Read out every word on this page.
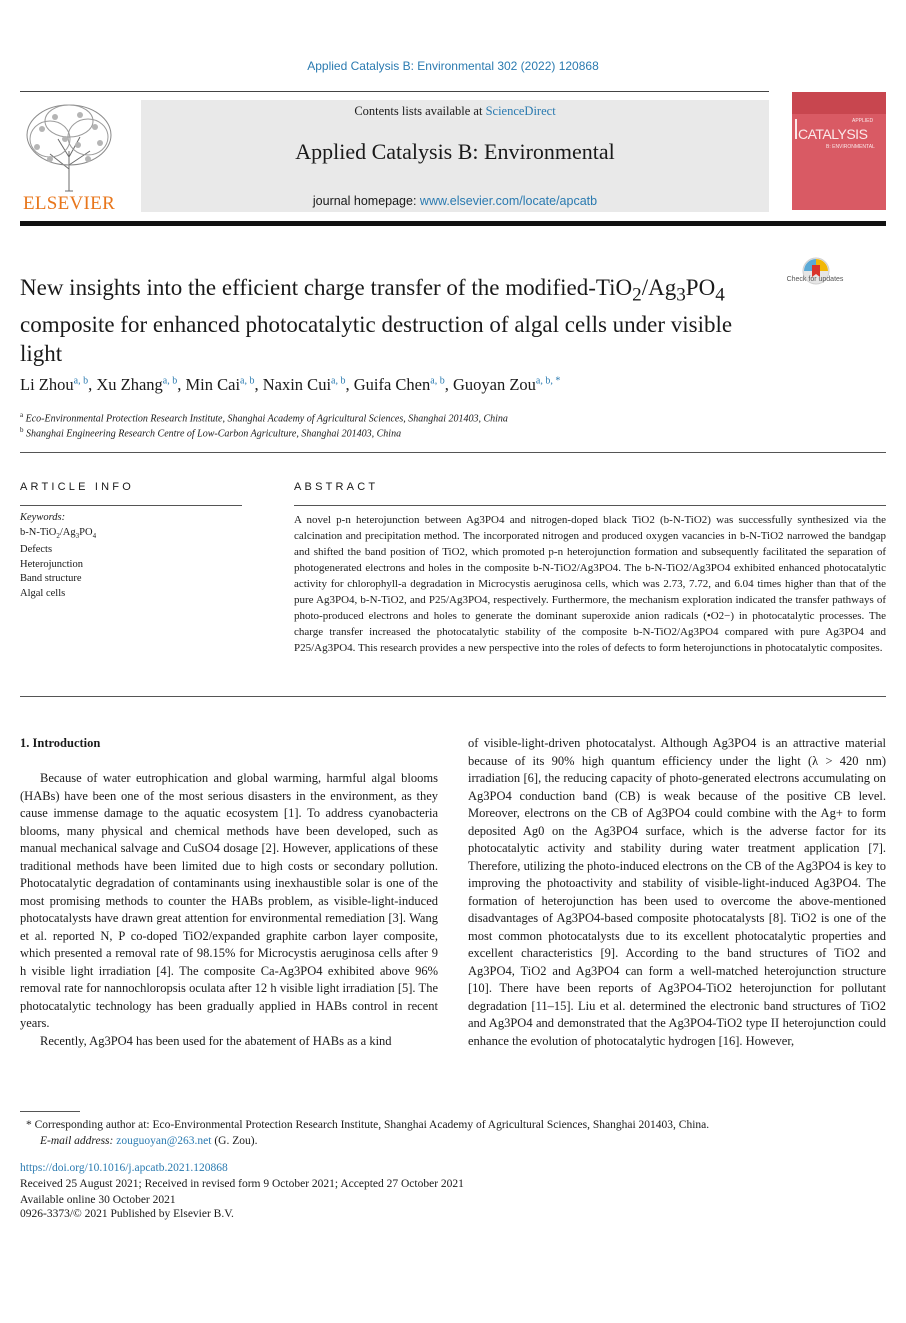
Applied Catalysis B: Environmental 302 (2022) 120868
ELSEVIER
Contents lists available at ScienceDirect
Applied Catalysis B: Environmental
journal homepage: www.elsevier.com/locate/apcatb
APPLIED
CATALYSIS
B: ENVIRONMENTAL
Check for updates
New insights into the efficient charge transfer of the modified-$TiO_2/Ag_3PO_4$ composite for enhanced photocatalytic destruction of algal cells under visible light
Li Zhou$^{a, b}$, Xu Zhang$^{a, b}$, Min Cai$^{a, b}$, Naxin Cui$^{a, b}$, Guifa Chen$^{a, b}$, Guoyan Zou$^{a, b, *}$
$^a$ Eco-Environmental Protection Research Institute, Shanghai Academy of Agricultural Sciences, Shanghai 201403, China
$^b$ Shanghai Engineering Research Centre of Low-Carbon Agriculture, Shanghai 201403, China
ARTICLE INFO
Keywords:
$b-N-TiO_2/Ag_3PO_4$
Defects
Heterojunction
Band structure
Algal cells
ABSTRACT
A novel p-n heterojunction between Ag3PO4 and nitrogen-doped black TiO2 (b-N-TiO2) was successfully synthesized via the calcination and precipitation method. The incorporated nitrogen and produced oxygen vacancies in b-N-TiO2 narrowed the bandgap and shifted the band position of TiO2, which promoted p-n heterojunction formation and subsequently facilitated the separation of photogenerated electrons and holes in the composite b-N-TiO2/Ag3PO4. The b-N-TiO2/Ag3PO4 exhibited enhanced photocatalytic activity for chlorophyll-a degradation in Microcystis aeruginosa cells, which was 2.73, 7.72, and 6.04 times higher than that of the pure Ag3PO4, b-N-TiO2, and P25/Ag3PO4, respectively. Furthermore, the mechanism exploration indicated the transfer pathways of photo-produced electrons and holes to generate the dominant superoxide anion radicals (•O2−) in photocatalytic processes. The charge transfer increased the photocatalytic stability of the composite b-N-TiO2/Ag3PO4 compared with pure Ag3PO4 and P25/Ag3PO4. This research provides a new perspective into the roles of defects to form heterojunctions in photocatalytic composites.
1. Introduction

Because of water eutrophication and global warming, harmful algal blooms (HABs) have been one of the most serious disasters in the environment, as they cause immense damage to the aquatic ecosystem [1]. To address cyanobacteria blooms, many physical and chemical methods have been developed, such as manual mechanical salvage and CuSO4 dosage [2]. However, applications of these traditional methods have been limited due to high costs or secondary pollution. Photocatalytic degradation of contaminants using inexhaustible solar is one of the most promising methods to counter the HABs problem, as visible-light-induced photocatalysts have drawn great attention for environmental remediation [3]. Wang et al. reported N, P co-doped TiO2/expanded graphite carbon layer composite, which presented a removal rate of 98.15% for Microcystis aeruginosa cells after 9 h visible light irradiation [4]. The composite Ca-Ag3PO4 exhibited above 96% removal rate for nannochloropsis oculata after 12 h visible light irradiation [5]. The photocatalytic technology has been gradually applied in HABs control in recent years.

Recently, Ag3PO4 has been used for the abatement of HABs as a kind

of visible-light-driven photocatalyst. Although Ag3PO4 is an attractive material because of its 90% high quantum efficiency under the light (λ > 420 nm) irradiation [6], the reducing capacity of photo-generated electrons accumulating on Ag3PO4 conduction band (CB) is weak because of the positive CB level. Moreover, electrons on the CB of Ag3PO4 could combine with the Ag+ to form deposited Ag0 on the Ag3PO4 surface, which is the adverse factor for its photocatalytic activity and stability during water treatment application [7]. Therefore, utilizing the photo-induced electrons on the CB of the Ag3PO4 is key to improving the photoactivity and stability of visible-light-induced Ag3PO4. The formation of heterojunction has been used to overcome the above-mentioned disadvantages of Ag3PO4-based composite photocatalysts [8]. TiO2 is one of the most common photocatalysts due to its excellent photocatalytic properties and excellent characteristics [9]. According to the band structures of TiO2 and Ag3PO4, TiO2 and Ag3PO4 can form a well-matched heterojunction structure [10]. There have been reports of Ag3PO4-TiO2 heterojunction for pollutant degradation [11–15]. Liu et al. determined the electronic band structures of TiO2 and Ag3PO4 and demonstrated that the Ag3PO4-TiO2 type II heterojunction could enhance the evolution of photocatalytic hydrogen [16]. However,

* Corresponding author at: Eco-Environmental Protection Research Institute, Shanghai Academy of Agricultural Sciences, Shanghai 201403, China.
E-mail address: zouguoyan@263.net (G. Zou).
https://doi.org/10.1016/j.apcatb.2021.120868
Received 25 August 2021; Received in revised form 9 October 2021; Accepted 27 October 2021
Available online 30 October 2021
0926-3373/© 2021 Published by Elsevier B.V.
